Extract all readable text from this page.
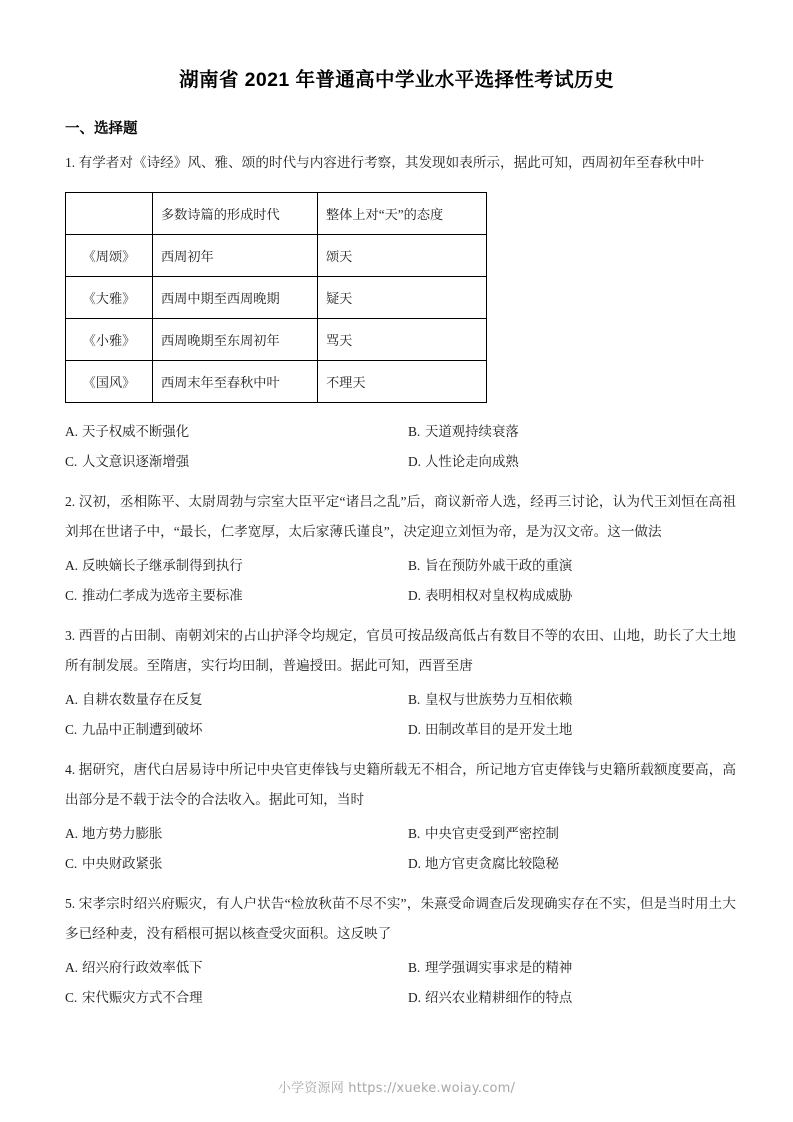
湖南省 2021 年普通高中学业水平选择性考试历史
一、选择题

1. 有学者对《诗经》风、雅、颂的时代与内容进行考察，其发现如表所示，据此可知，西周初年至春秋中叶

	多数诗篇的形成时代	整体上对“天”的态度
《周颂》	西周初年	颂天
《大雅》	西周中期至西周晚期	疑天
《小雅》	西周晚期至东周初年	骂天
《国风》	西周末年至春秋中叶	不理天
A. 天子权威不断强化	B. 天道观持续衰落
C. 人文意识逐渐增强	D. 人性论走向成熟

2. 汉初，丞相陈平、太尉周勃与宗室大臣平定“诸吕之乱”后，商议新帝人选，经再三讨论，认为代王刘恒在高祖刘邦在世诸子中，“最长，仁孝宽厚，太后家薄氏谨良”，决定迎立刘恒为帝，是为汉文帝。这一做法

A. 反映嫡长子继承制得到执行	B. 旨在预防外戚干政的重演
C. 推动仁孝成为选帝主要标准	D. 表明相权对皇权构成威胁

3. 西晋的占田制、南朝刘宋的占山护泽令均规定，官员可按品级高低占有数目不等的农田、山地，助长了大土地所有制发展。至隋唐，实行均田制，普遍授田。据此可知，西晋至唐

A. 自耕农数量存在反复	B. 皇权与世族势力互相依赖
C. 九品中正制遭到破坏	D. 田制改革目的是开发土地

4. 据研究，唐代白居易诗中所记中央官吏俸钱与史籍所载无不相合，所记地方官吏俸钱与史籍所载额度要高，高出部分是不载于法令的合法收入。据此可知，当时

A. 地方势力膨胀	B. 中央官吏受到严密控制
C. 中央财政紧张	D. 地方官吏贪腐比较隐秘

5. 宋孝宗时绍兴府赈灾，有人户状告“检放秋苗不尽不实”，朱熹受命调查后发现确实存在不实，但是当时用土大多已经种麦，没有稻根可据以核查受灾面积。这反映了

A. 绍兴府行政效率低下	B. 理学强调实事求是的精神
C. 宋代赈灾方式不合理	D. 绍兴农业精耕细作的特点
小学资源网 https://xueke.woiay.com/
